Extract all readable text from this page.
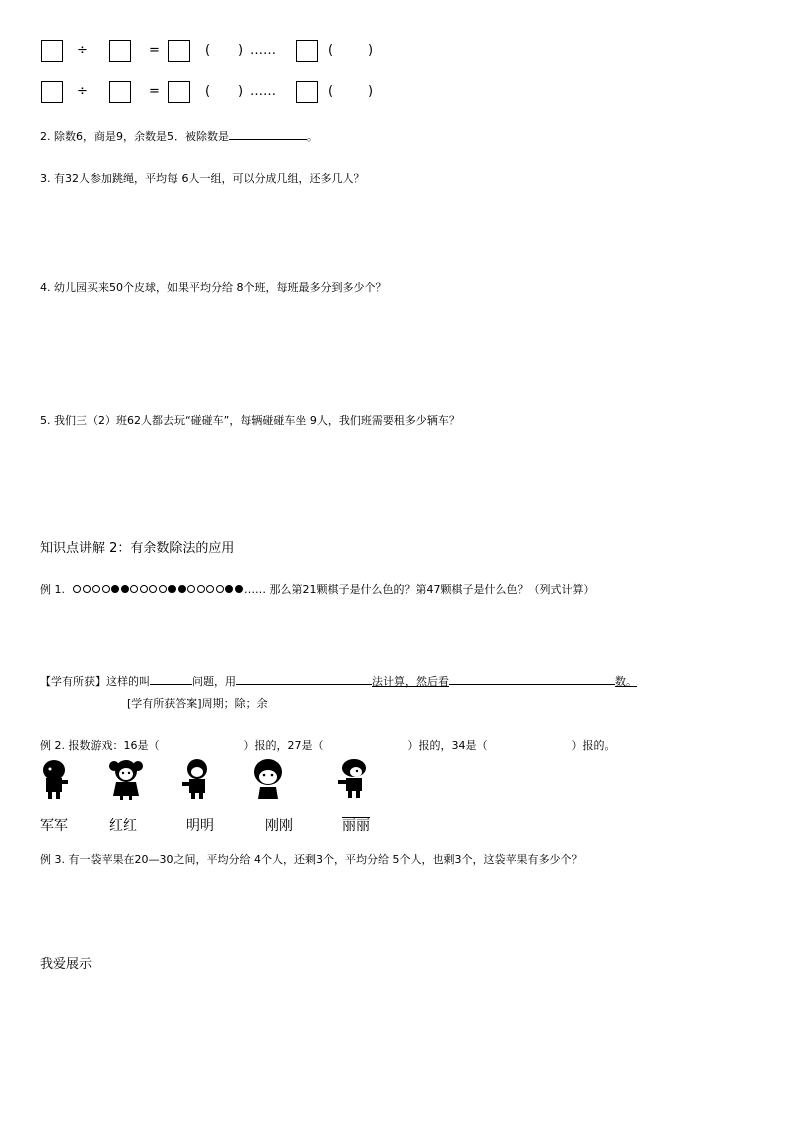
÷	=	( ) ……	(	)
÷	=	( ) ……	(	)
2. 除数6，商是9，余数是5．被除数是	。
3. 有32人参加跳绳，平均每 6人一组，可以分成几组，还多几人？
4. 幼儿园买来50个皮球，如果平均分给 8个班，每班最多分到多少个？
5. 我们三（2）班62人都去玩“碰碰车”，每辆碰碰车坐 9人，我们班需要租多少辆车？
知识点讲解 2：有余数除法的应用
例 1.	…… 那么第21颗棋子是什么色的？第47颗棋子是什么色？（列式计算）
【学有所获】这样的叫	问题，用	法计算，然后看	数。
[学有所获答案]周期；除；余
例 2. 报数游戏：16是（	）报的，27是（	）报的，34是（	）报的。
军军	红红	明明	刚刚	丽丽
例 3. 有一袋苹果在20—30之间，平均分给 4个人，还剩3个，平均分给 5个人，也剩3个，这袋苹果有多少个？
我爱展示
